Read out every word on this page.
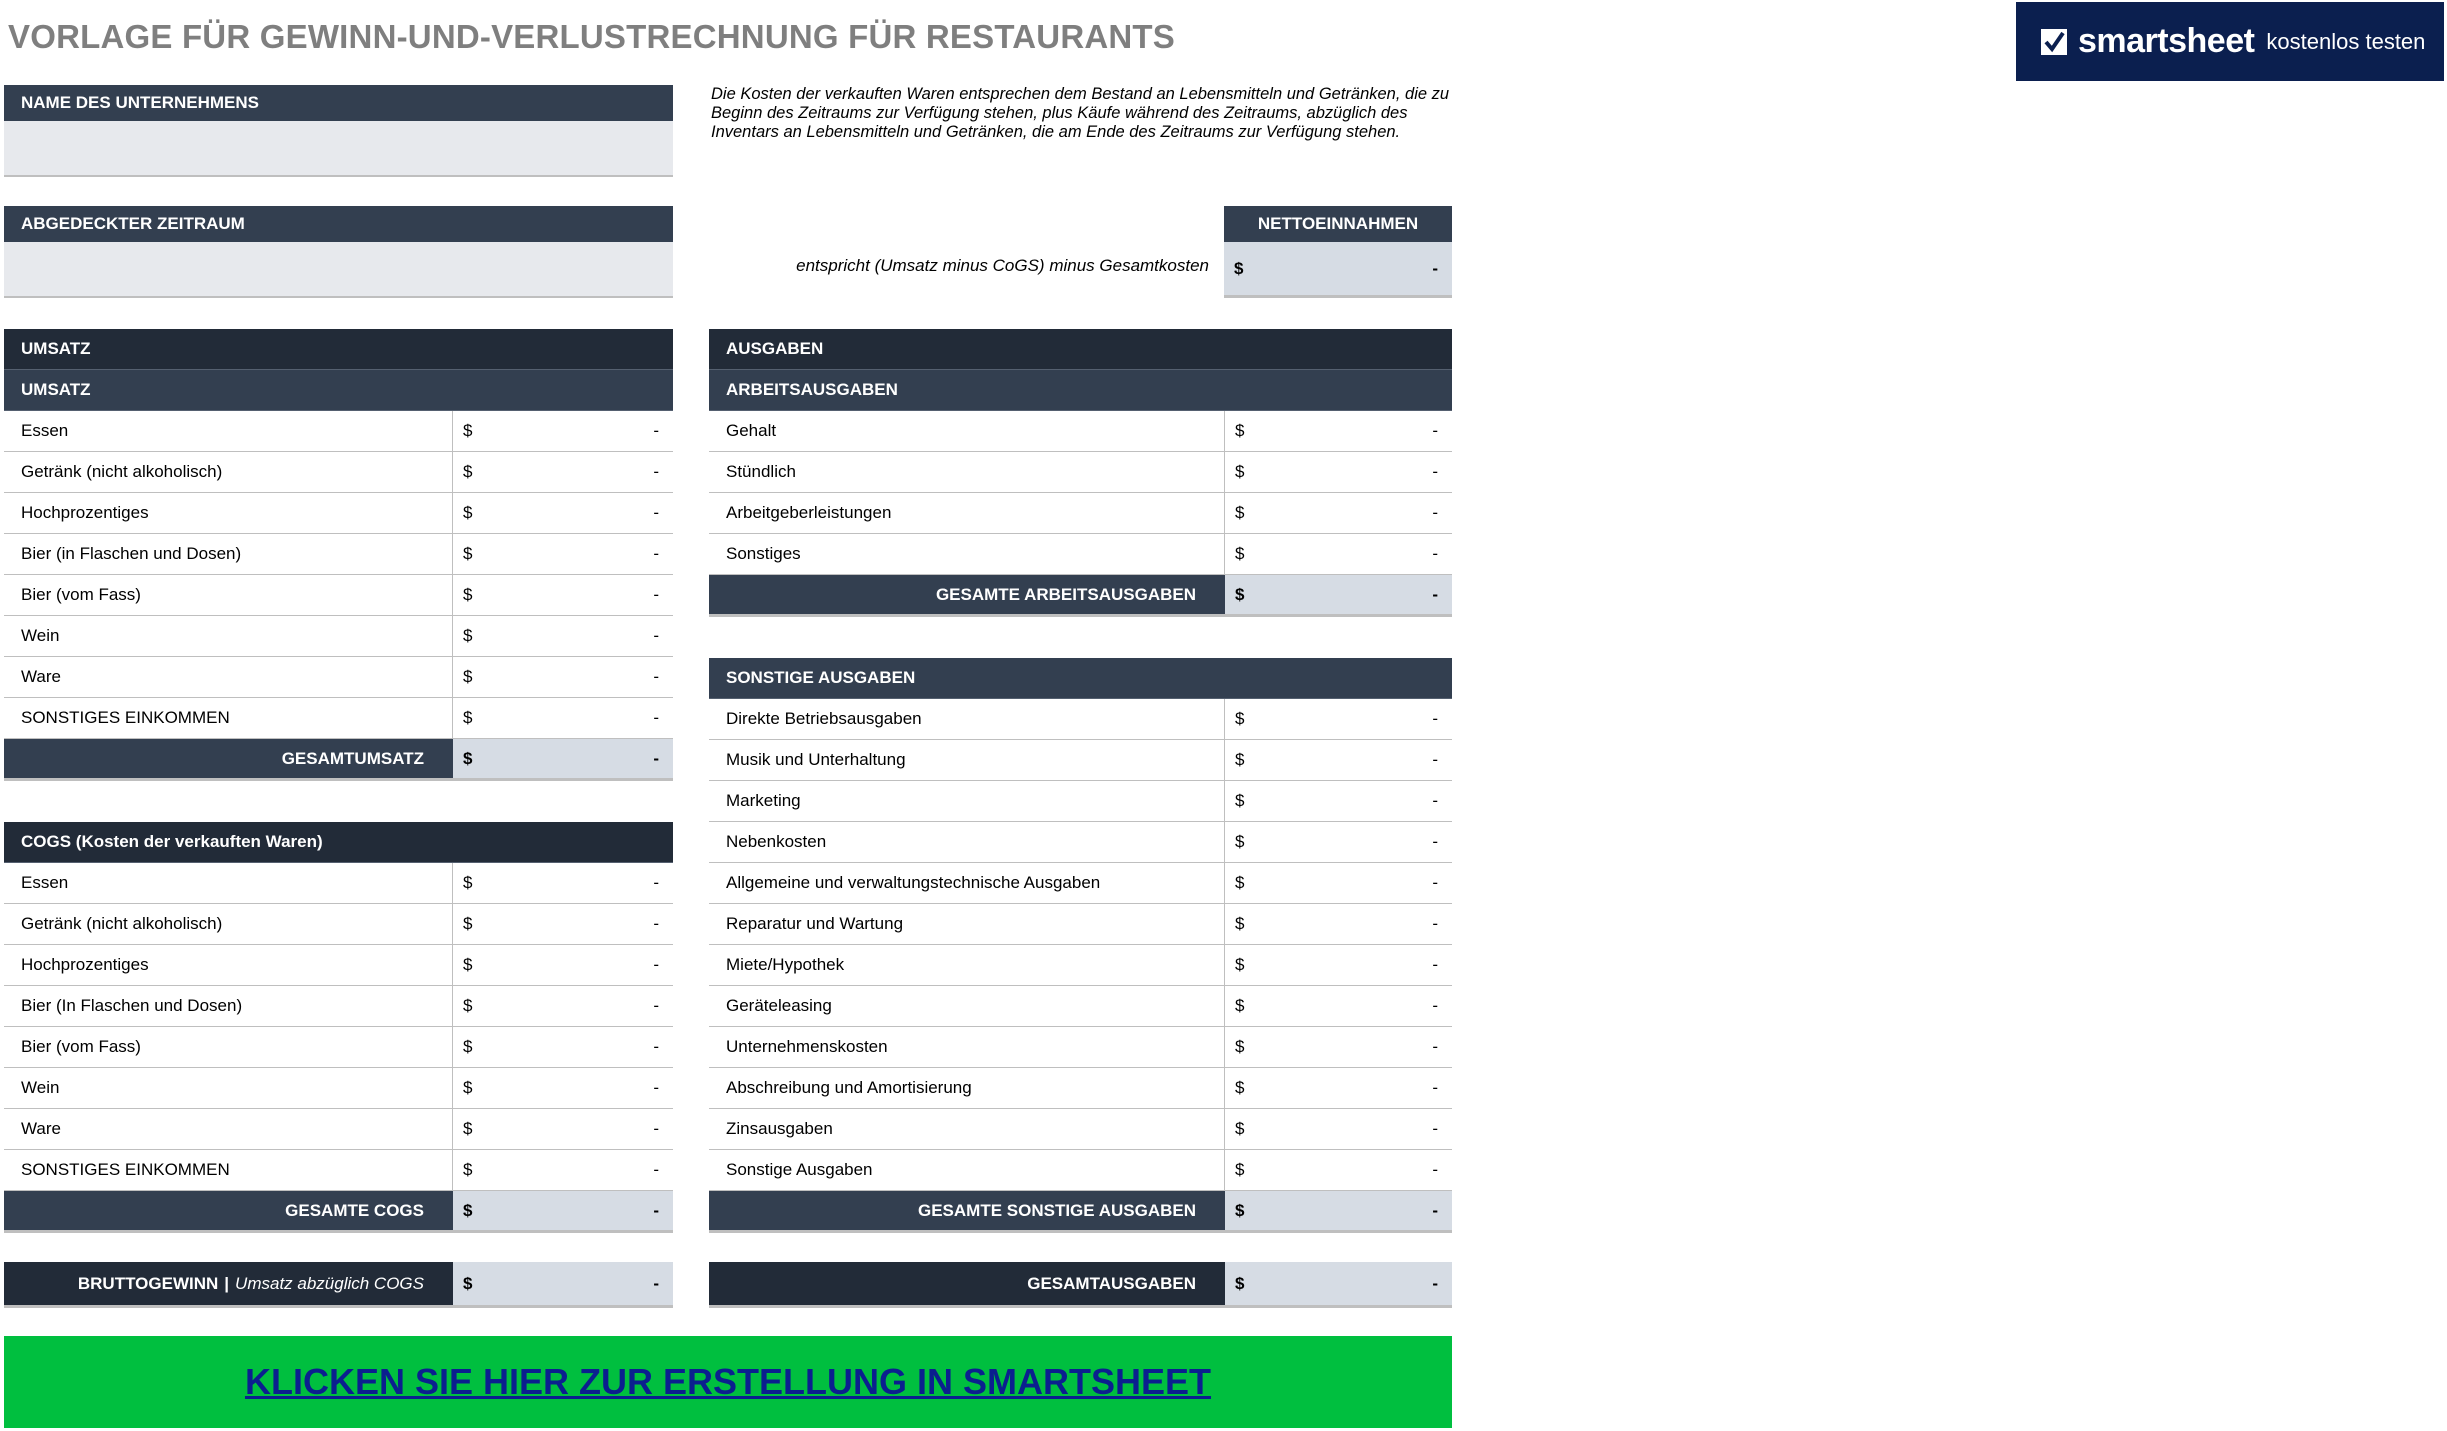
VORLAGE FÜR GEWINN-UND-VERLUSTRECHNUNG FÜR RESTAURANTS	smartsheet kostenlos testen
NAME DES UNTERNEHMENS	Die Kosten der verkauften Waren entsprechen dem Bestand an Lebensmitteln und Getränken, die zu Beginn des Zeitraums zur Verfügung stehen, plus Käufe während des Zeitraums, abzüglich des Inventars an Lebensmitteln und Getränken, die am Ende des Zeitraums zur Verfügung stehen.
ABGEDECKTER ZEITRAUM
entspricht (Umsatz minus CoGS) minus Gesamtkosten
NETTOEINNAHMEN
$	-
UMSATZ
UMSATZ
Essen	$	-
Getränk (nicht alkoholisch)	$	-
Hochprozentiges	$	-
Bier (in Flaschen und Dosen)	$	-
Bier (vom Fass)	$	-
Wein	$	-
Ware	$	-
SONSTIGES EINKOMMEN	$	-
GESAMTUMSATZ	$	-
COGS (Kosten der verkauften Waren)
Essen	$	-
Getränk (nicht alkoholisch)	$	-
Hochprozentiges	$	-
Bier (In Flaschen und Dosen)	$	-
Bier (vom Fass)	$	-
Wein	$	-
Ware	$	-
SONSTIGES EINKOMMEN	$	-
GESAMTE COGS	$	-
BRUTTOGEWINN | Umsatz abzüglich COGS $	-
AUSGABEN
ARBEITSAUSGABEN
Gehalt	$	-
Stündlich	$	-
Arbeitgeberleistungen	$	-
Sonstiges	$	-
GESAMTE ARBEITSAUSGABEN	$	-
SONSTIGE AUSGABEN
Direkte Betriebsausgaben	$	-
Musik und Unterhaltung	$	-
Marketing	$	-
Nebenkosten	$	-
Allgemeine und verwaltungstechnische Ausgaben	$	-
Reparatur und Wartung	$	-
Miete/Hypothek	$	-
Geräteleasing	$	-
Unternehmenskosten	$	-
Abschreibung und Amortisierung	$	-
Zinsausgaben	$	-
Sonstige Ausgaben	$	-
GESAMTE SONSTIGE AUSGABEN	$	-
GESAMTAUSGABEN	$	-
KLICKEN SIE HIER ZUR ERSTELLUNG IN SMARTSHEET
